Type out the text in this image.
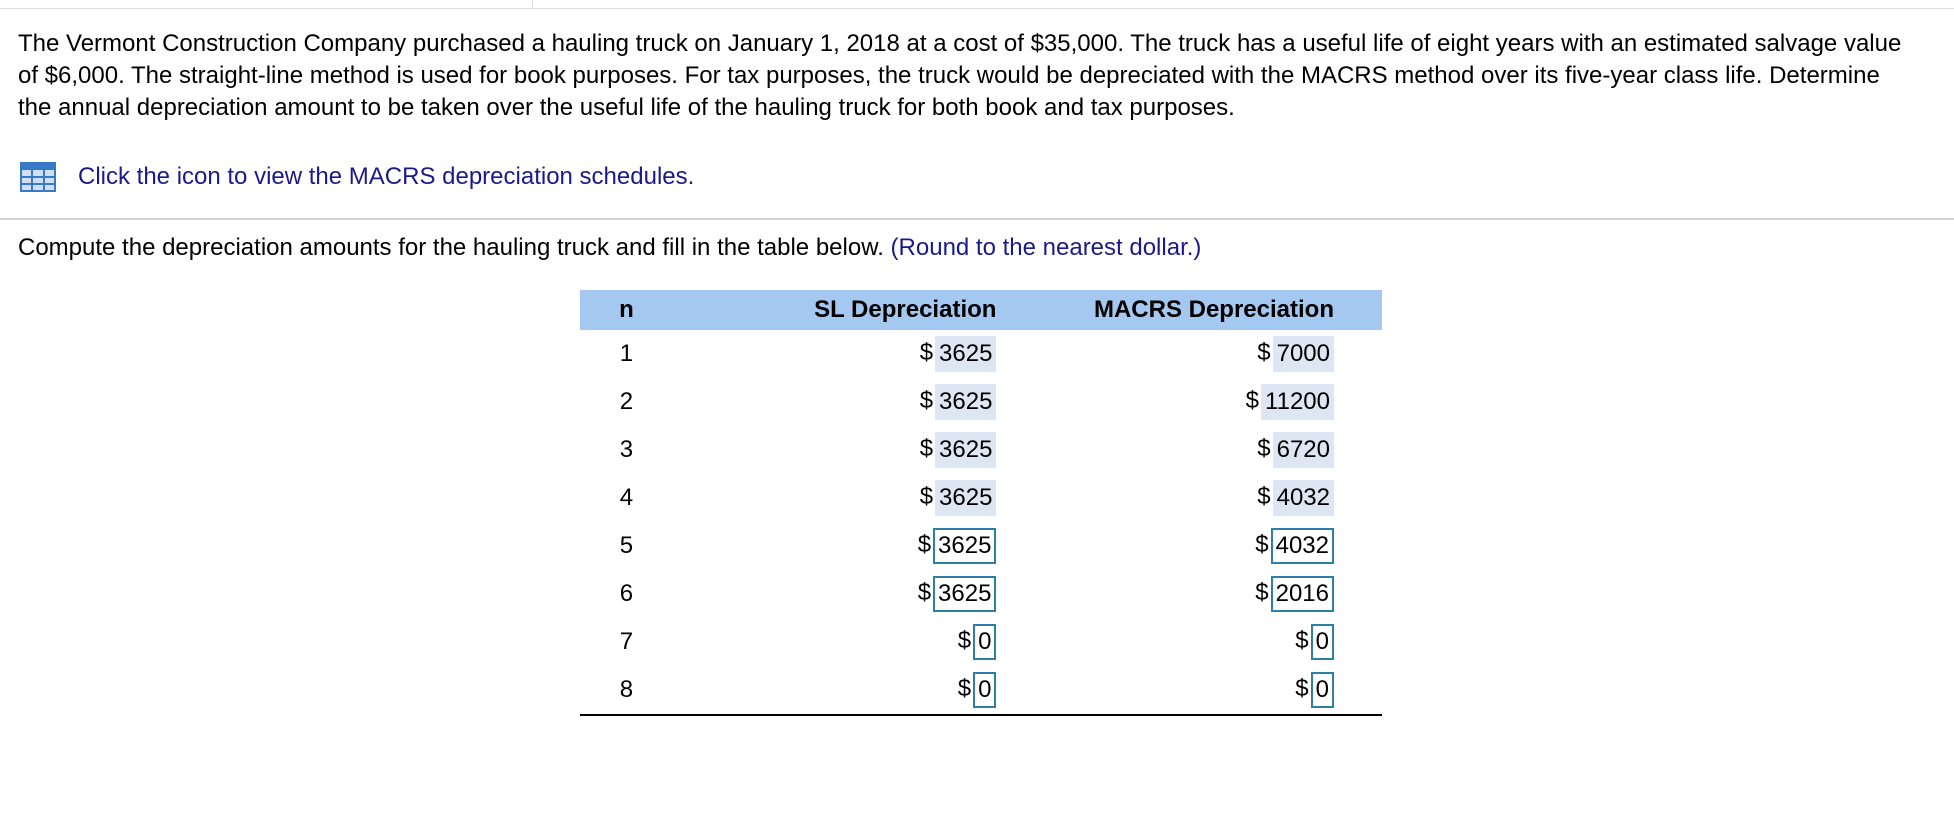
The Vermont Construction Company purchased a hauling truck on January 1, 2018 at a cost of $35,000. The truck has a useful life of eight years with an estimated salvage value of $6,000. The straight-line method is used for book purposes. For tax purposes, the truck would be depreciated with the MACRS method over its five-year class life. Determine the annual depreciation amount to be taken over the useful life of the hauling truck for both book and tax purposes.

Click the icon to view the MACRS depreciation schedules.

Compute the depreciation amounts for the hauling truck and fill in the table below. (Round to the nearest dollar.)

n	SL Depreciation	MACRS Depreciation
1	$ 3625	$ 7000
2	$ 3625	$ 11200
3	$ 3625	$ 6720
4	$ 3625	$ 4032
5	$ 3625	$ 4032
6	$ 3625	$ 2016
7	$ 0	$ 0
8	$ 0	$ 0
